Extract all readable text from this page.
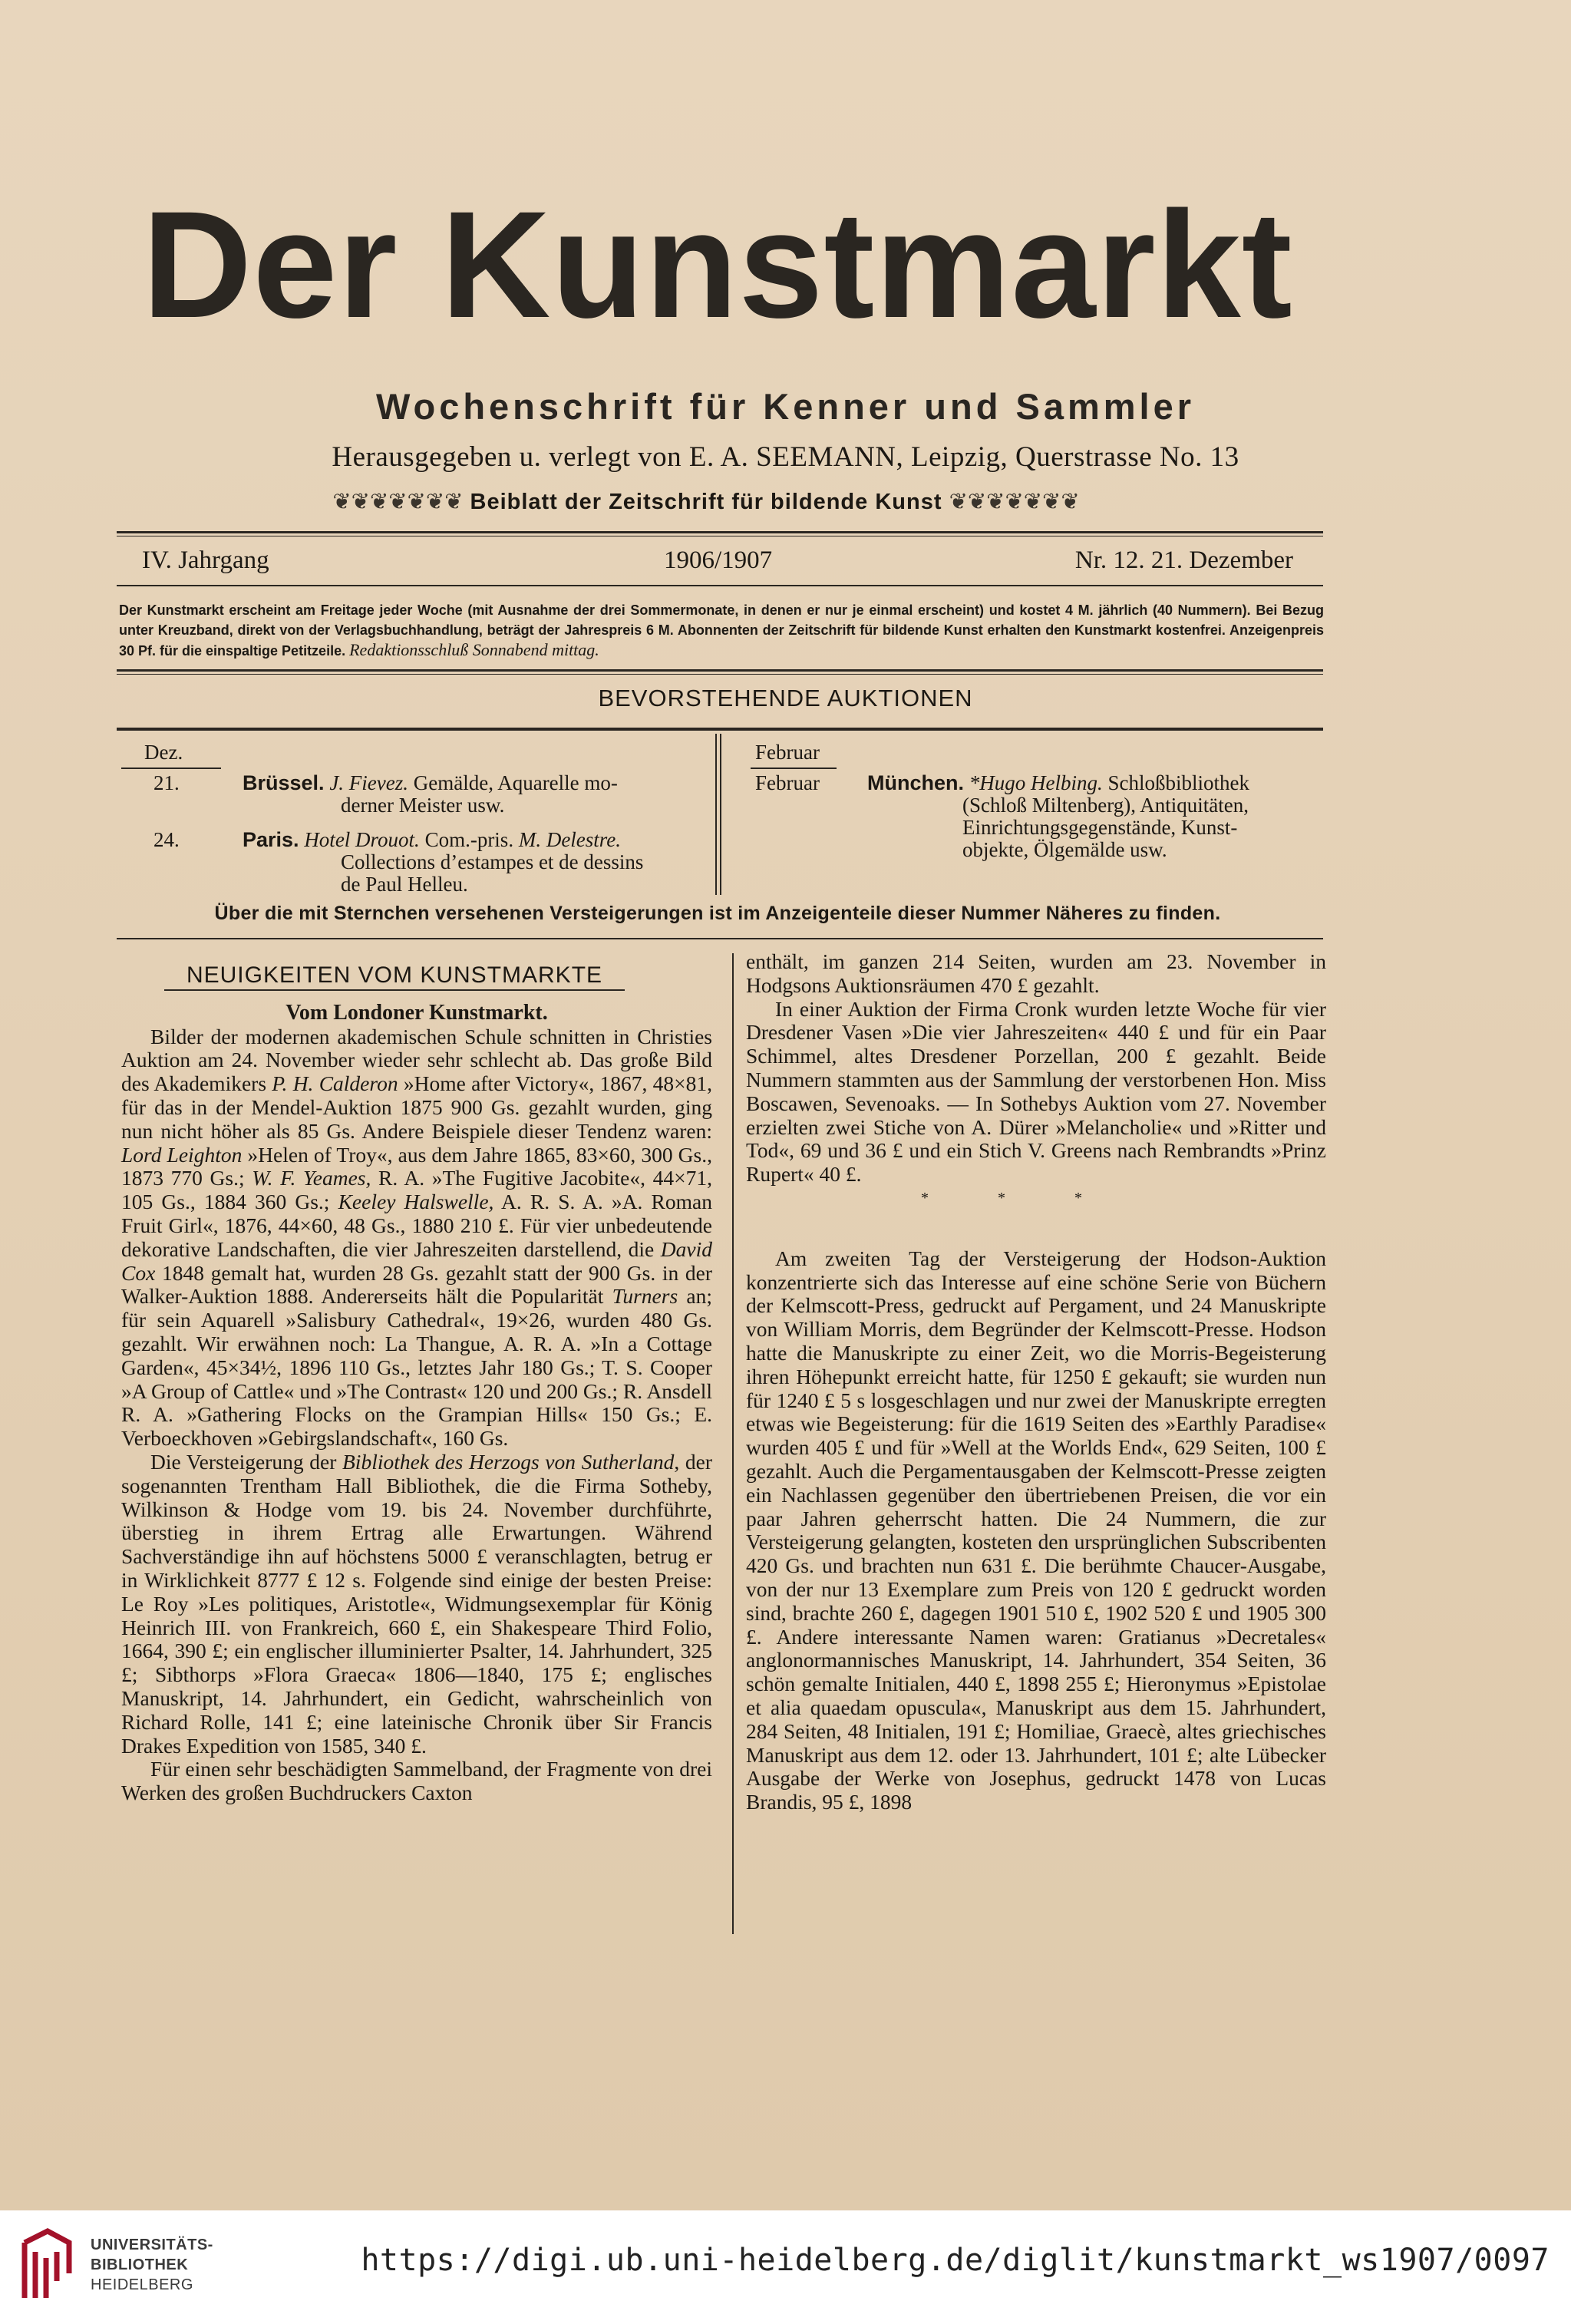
Der Kunstmarkt
Wochenschrift für Kenner und Sammler
Herausgegeben u. verlegt von E. A. SEEMANN, Leipzig, Querstrasse No. 13
❦❦❦❦❦❦❦ Beiblatt der Zeitschrift für bildende Kunst ❦❦❦❦❦❦❦
IV. Jahrgang	1906/1907	Nr. 12. 21. Dezember
Der Kunstmarkt erscheint am Freitage jeder Woche (mit Ausnahme der drei Sommermonate, in denen er nur je einmal erscheint) und kostet 4 M. jährlich (40 Nummern). Bei Bezug unter Kreuzband, direkt von der Verlagsbuchhandlung, beträgt der Jahrespreis 6 M. Abonnenten der Zeitschrift für bildende Kunst erhalten den Kunstmarkt kostenfrei. Anzeigenpreis 30 Pf. für die einspaltige Petitzeile. Redaktionsschluß Sonnabend mittag.
BEVORSTEHENDE AUKTIONEN
Dez.	Februar
21.	Brüssel. J. Fievez. Gemälde, Aquarelle mo-
derner Meister usw.
24.	Paris. Hotel Drouot. Com.-pris. M. Delestre.
Collections d’estampes et de dessins
de Paul Helleu.
Februar München. *Hugo Helbing. Schloßbibliothek
(Schloß Miltenberg), Antiquitäten,
Einrichtungsgegenstände, Kunst-
objekte, Ölgemälde usw.
Über die mit Sternchen versehenen Versteigerungen ist im Anzeigenteile dieser Nummer Näheres zu finden.
NEUIGKEITEN VOM KUNSTMARKTE
Vom Londoner Kunstmarkt.

Bilder der modernen akademischen Schule schnitten in Christies Auktion am 24. November wieder sehr schlecht ab. Das große Bild des Akademikers P. H. Calderon »Home after Victory«, 1867, 48×81, für das in der Mendel-Auktion 1875 900 Gs. gezahlt wurden, ging nun nicht höher als 85 Gs. Andere Beispiele dieser Tendenz waren: Lord Leighton »Helen of Troy«, aus dem Jahre 1865, 83×60, 300 Gs., 1873 770 Gs.; W. F. Yeames, R. A. »The Fugitive Jacobite«, 44×71, 105 Gs., 1884 360 Gs.; Keeley Halswelle, A. R. S. A. »A. Roman Fruit Girl«, 1876, 44×60, 48 Gs., 1880 210 £. Für vier unbedeutende dekorative Landschaften, die vier Jahreszeiten darstellend, die David Cox 1848 gemalt hat, wurden 28 Gs. gezahlt statt der 900 Gs. in der Walker-Auktion 1888. Andererseits hält die Popularität Turners an; für sein Aquarell »Salisbury Cathedral«, 19×26, wurden 480 Gs. gezahlt. Wir erwähnen noch: La Thangue, A. R. A. »In a Cottage Garden«, 45×34½, 1896 110 Gs., letztes Jahr 180 Gs.; T. S. Cooper »A Group of Cattle« und »The Contrast« 120 und 200 Gs.; R. Ansdell R. A. »Gathering Flocks on the Grampian Hills« 150 Gs.; E. Verboeckhoven »Gebirgslandschaft«, 160 Gs.

Die Versteigerung der Bibliothek des Herzogs von Sutherland, der sogenannten Trentham Hall Bibliothek, die die Firma Sotheby, Wilkinson & Hodge vom 19. bis 24. November durchführte, überstieg in ihrem Ertrag alle Erwartungen. Während Sachverständige ihn auf höchstens 5000 £ veranschlagten, betrug er in Wirklichkeit 8777 £ 12 s. Folgende sind einige der besten Preise: Le Roy »Les politiques, Aristotle«, Widmungsexemplar für König Heinrich III. von Frankreich, 660 £, ein Shakespeare Third Folio, 1664, 390 £; ein englischer illuminierter Psalter, 14. Jahrhundert, 325 £; Sibthorps »Flora Graeca« 1806—1840, 175 £; englisches Manuskript, 14. Jahrhundert, ein Gedicht, wahrscheinlich von Richard Rolle, 141 £; eine lateinische Chronik über Sir Francis Drakes Expedition von 1585, 340 £.

Für einen sehr beschädigten Sammelband, der Fragmente von drei Werken des großen Buchdruckers Caxton

enthält, im ganzen 214 Seiten, wurden am 23. November in Hodgsons Auktionsräumen 470 £ gezahlt.

In einer Auktion der Firma Cronk wurden letzte Woche für vier Dresdener Vasen »Die vier Jahreszeiten« 440 £ und für ein Paar Schimmel, altes Dresdener Porzellan, 200 £ gezahlt. Beide Nummern stammten aus der Sammlung der verstorbenen Hon. Miss Boscawen, Sevenoaks. — In Sothebys Auktion vom 27. November erzielten zwei Stiche von A. Dürer »Melancholie« und »Ritter und Tod«, 69 und 36 £ und ein Stich V. Greens nach Rembrandts »Prinz Rupert« 40 £.

***

Am zweiten Tag der Versteigerung der Hodson-Auktion konzentrierte sich das Interesse auf eine schöne Serie von Büchern der Kelmscott-Press, gedruckt auf Pergament, und 24 Manuskripte von William Morris, dem Begründer der Kelmscott-Presse. Hodson hatte die Manuskripte zu einer Zeit, wo die Morris-Begeisterung ihren Höhepunkt erreicht hatte, für 1250 £ gekauft; sie wurden nun für 1240 £ 5 s losgeschlagen und nur zwei der Manuskripte erregten etwas wie Begeisterung: für die 1619 Seiten des »Earthly Paradise« wurden 405 £ und für »Well at the Worlds End«, 629 Seiten, 100 £ gezahlt. Auch die Pergamentausgaben der Kelmscott-Presse zeigten ein Nachlassen gegenüber den übertriebenen Preisen, die vor ein paar Jahren geherrscht hatten. Die 24 Nummern, die zur Versteigerung gelangten, kosteten den ursprünglichen Subscribenten 420 Gs. und brachten nun 631 £. Die berühmte Chaucer-Ausgabe, von der nur 13 Exemplare zum Preis von 120 £ gedruckt worden sind, brachte 260 £, dagegen 1901 510 £, 1902 520 £ und 1905 300 £. Andere interessante Namen waren: Gratianus »Decretales« anglonormannisches Manuskript, 14. Jahrhundert, 354 Seiten, 36 schön gemalte Initialen, 440 £, 1898 255 £; Hieronymus »Epistolae et alia quaedam opuscula«, Manuskript aus dem 15. Jahrhundert, 284 Seiten, 48 Initialen, 191 £; Homiliae, Graecè, altes griechisches Manuskript aus dem 12. oder 13. Jahrhundert, 101 £; alte Lübecker Ausgabe der Werke von Josephus, gedruckt 1478 von Lucas Brandis, 95 £, 1898

UNIVERSITÄTS-
BIBLIOTHEK
HEIDELBERG
https://digi.ub.uni-heidelberg.de/diglit/kunstmarkt_ws1907/0097
